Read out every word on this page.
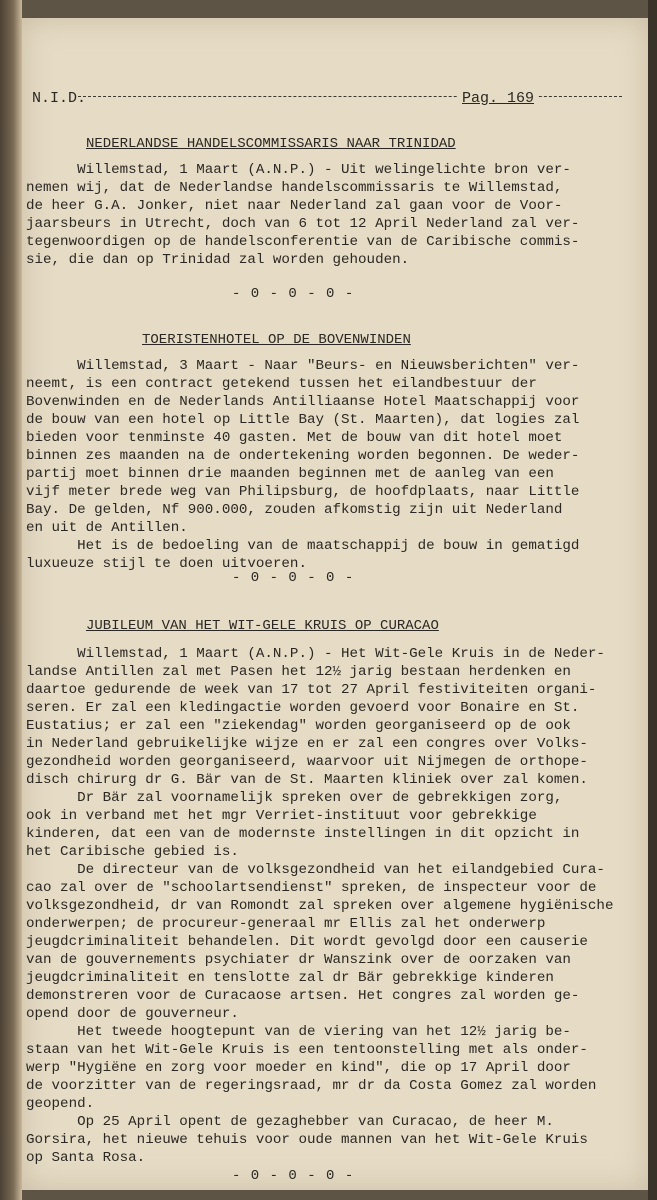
N.I.D.	Pag. 169
NEDERLANDSE HANDELSCOMMISSARIS NAAR TRINIDAD
Willemstad, 1 Maart (A.N.P.) - Uit welingelichte bron ver-
nemen wij, dat de Nederlandse handelscommissaris te Willemstad,
de heer G.A. Jonker, niet naar Nederland zal gaan voor de Voor-
jaarsbeurs in Utrecht, doch van 6 tot 12 April Nederland zal ver-
tegenwoordigen op de handelsconferentie van de Caribische commis-
sie, die dan op Trinidad zal worden gehouden.
- 0 - 0 - 0 -
TOERISTENHOTEL OP DE BOVENWINDEN
Willemstad, 3 Maart - Naar "Beurs- en Nieuwsberichten" ver-
neemt, is een contract getekend tussen het eilandbestuur der
Bovenwinden en de Nederlands Antilliaanse Hotel Maatschappij voor
de bouw van een hotel op Little Bay (St. Maarten), dat logies zal
bieden voor tenminste 40 gasten. Met de bouw van dit hotel moet
binnen zes maanden na de ondertekening worden begonnen. De weder-
partij moet binnen drie maanden beginnen met de aanleg van een
vijf meter brede weg van Philipsburg, de hoofdplaats, naar Little
Bay. De gelden, Nf 900.000, zouden afkomstig zijn uit Nederland
en uit de Antillen.
Het is de bedoeling van de maatschappij de bouw in gematigd
luxueuze stijl te doen uitvoeren.
- 0 - 0 - 0 -
JUBILEUM VAN HET WIT-GELE KRUIS OP CURACAO
Willemstad, 1 Maart (A.N.P.) - Het Wit-Gele Kruis in de Neder-
landse Antillen zal met Pasen het 12½ jarig bestaan herdenken en
daartoe gedurende de week van 17 tot 27 April festiviteiten organi-
seren. Er zal een kledingactie worden gevoerd voor Bonaire en St.
Eustatius; er zal een "ziekendag" worden georganiseerd op de ook
in Nederland gebruikelijke wijze en er zal een congres over Volks-
gezondheid worden georganiseerd, waarvoor uit Nijmegen de orthope-
disch chirurg dr G. Bär van de St. Maarten kliniek over zal komen.
Dr Bär zal voornamelijk spreken over de gebrekkigen zorg,
ook in verband met het mgr Verriet-instituut voor gebrekkige
kinderen, dat een van de modernste instellingen in dit opzicht in
het Caribische gebied is.
De directeur van de volksgezondheid van het eilandgebied Cura-
cao zal over de "schoolartsendienst" spreken, de inspecteur voor de
volksgezondheid, dr van Romondt zal spreken over algemene hygiënische
onderwerpen; de procureur-generaal mr Ellis zal het onderwerp
jeugdcriminaliteit behandelen. Dit wordt gevolgd door een causerie
van de gouvernements psychiater dr Wanszink over de oorzaken van
jeugdcriminaliteit en tenslotte zal dr Bär gebrekkige kinderen
demonstreren voor de Curacaose artsen. Het congres zal worden ge-
opend door de gouverneur.
Het tweede hoogtepunt van de viering van het 12½ jarig be-
staan van het Wit-Gele Kruis is een tentoonstelling met als onder-
werp "Hygiëne en zorg voor moeder en kind", die op 17 April door
de voorzitter van de regeringsraad, mr dr da Costa Gomez zal worden
geopend.
Op 25 April opent de gezaghebber van Curacao, de heer M.
Gorsira, het nieuwe tehuis voor oude mannen van het Wit-Gele Kruis
op Santa Rosa.
- 0 - 0 - 0 -
